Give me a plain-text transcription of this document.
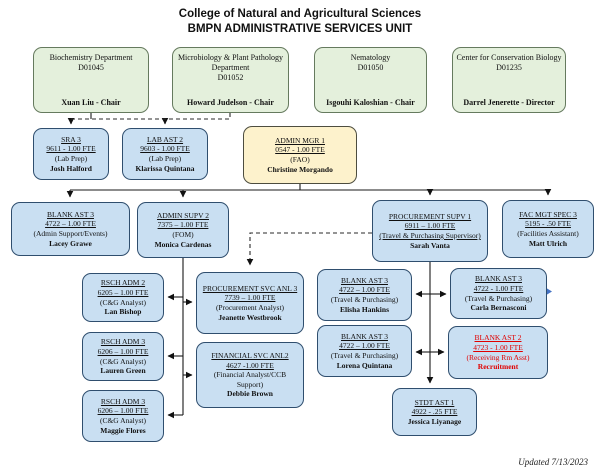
College of Natural and Agricultural Sciences
BMPN ADMINISTRATIVE SERVICES UNIT
Biochemistry Department
D01045
Xuan Liu - Chair
Microbiology & Plant Pathology Department
D01052
Howard Judelson - Chair
Nematology
D01050
Isgouhi Kaloshian - Chair
Center for Conservation Biology
D01235
Darrel Jenerette - Director
SRA 3
9611 - 1.00 FTE
(Lab Prep)
Josh Halford
LAB AST 2
9603 - 1.00 FTE
(Lab Prep)
Klarissa Quintana
ADMIN MGR 1
0547 - 1.00 FTE
(FAO)
Christine Morgando
BLANK AST 3
4722 – 1.00 FTE
(Admin Support/Events)
Lacey Grawe
ADMIN SUPV 2
7375 – 1.00 FTE
(FOM)
Monica Cardenas
PROCUREMENT SUPV 1
6911 – 1.00 FTE
(Travel & Purchasing Supervisor)
Sarah Vanta
FAC MGT SPEC 3
5195 - .50 FTE
(Facilities Assistant)
Matt Ulrich
RSCH ADM 2
6205 – 1.00 FTE
(C&G Analyst)
Lan Bishop
RSCH ADM 3
6206 – 1.00 FTE
(C&G Analyst)
Lauren Green
RSCH ADM 3
6206 – 1.00 FTE
(C&G Analyst)
Maggie Flores
PROCUREMENT SVC ANL 3
7739 – 1.00 FTE
(Procurement Analyst)
Jeanette Westbrook
FINANCIAL SVC ANL2
4627 -1.00 FTE
(Financial Analyst/CCB Support)
Debbie Brown
BLANK AST 3
4722 – 1.00 FTE
(Travel & Purchasing)
Elisha Hankins
BLANK AST 3
4722 – 1.00 FTE
(Travel & Purchasing)
Lorena Quintana
BLANK AST 3
4722 - 1.00 FTE
(Travel & Purchasing)
Carla Bernasconi
BLANK AST 2
4723 - 1.00 FTE
(Receiving Rm Asst)
Recruitment
STDT AST 1
4922 - .25 FTE
Jessica Liyanage
Updated 7/13/2023
